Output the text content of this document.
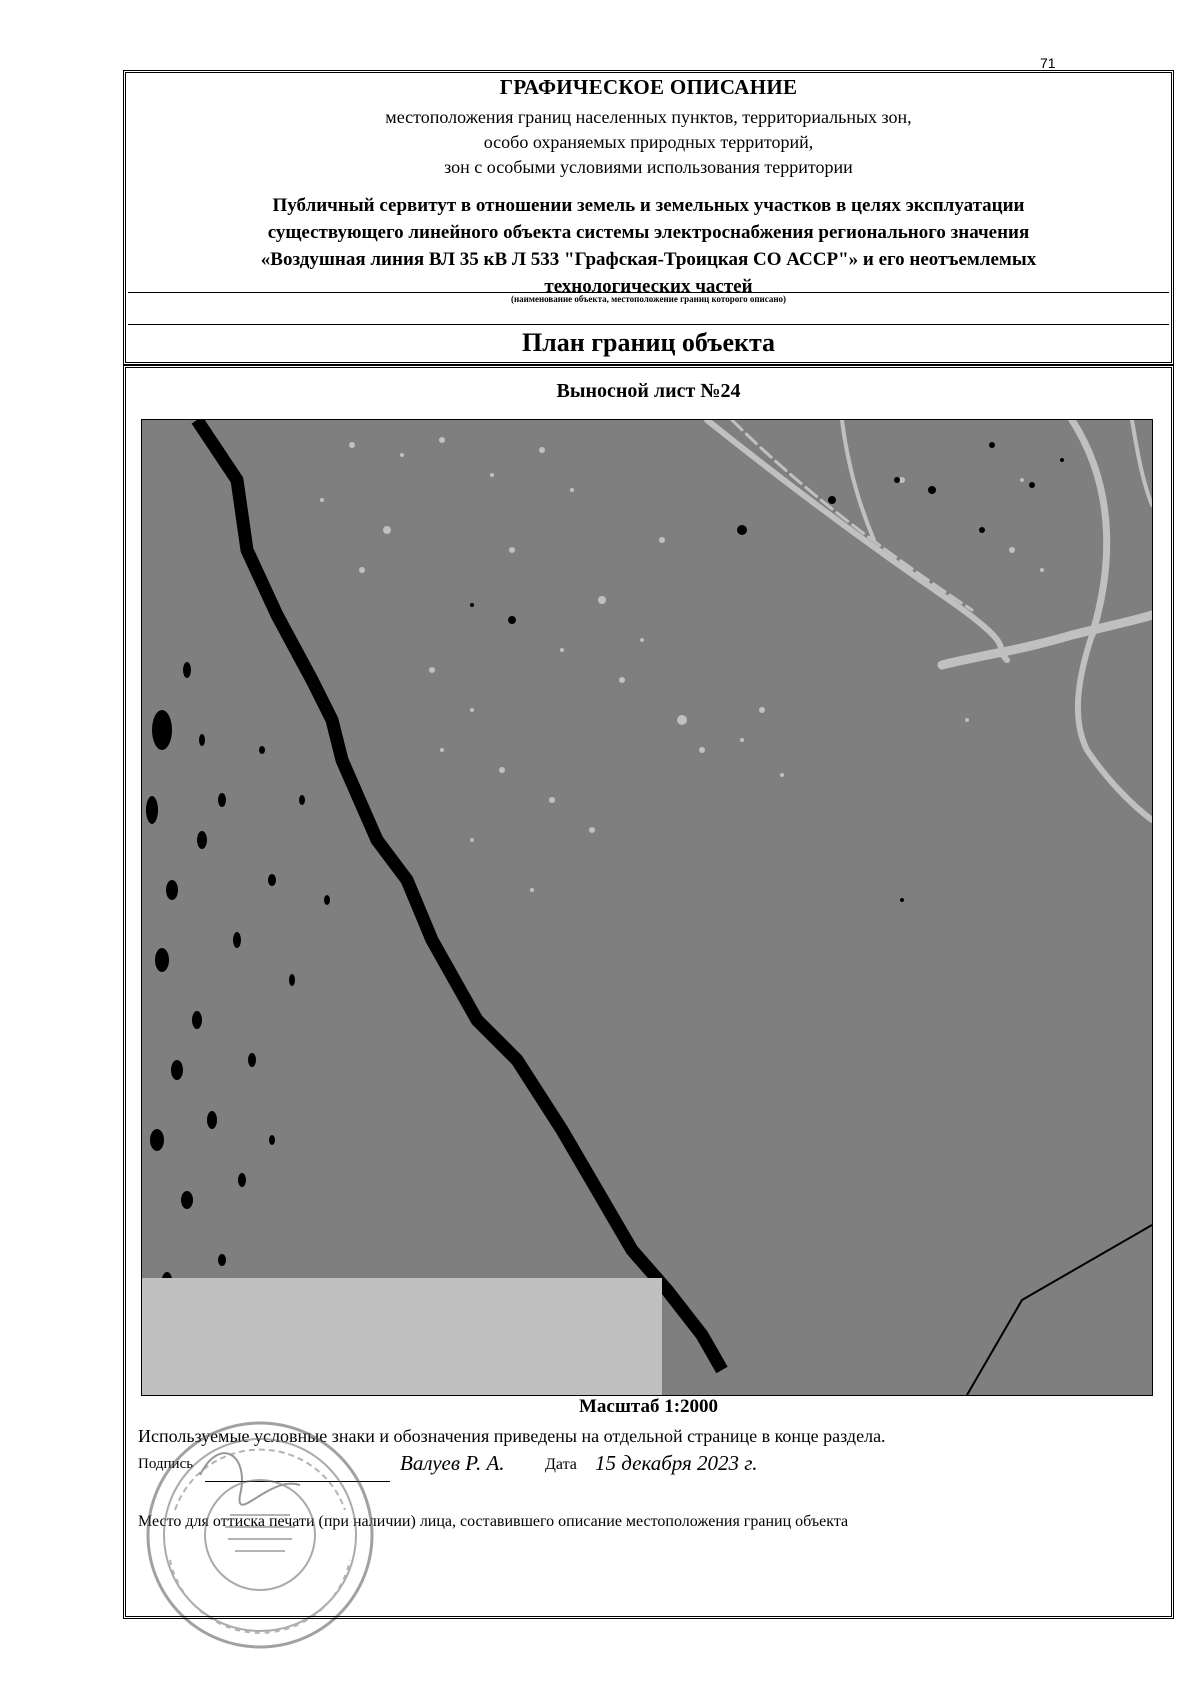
71
ГРАФИЧЕСКОЕ ОПИСАНИЕ
местоположения границ населенных пунктов, территориальных зон,
особо охраняемых природных территорий,
зон с особыми условиями использования территории
Публичный сервитут в отношении земель и земельных участков в целях эксплуатации
существующего линейного объекта системы электроснабжения регионального значения
«Воздушная линия ВЛ 35 кВ Л 533 "Графская-Троицкая СО АССР"» и его неотъемлемых
технологических частей
(наименование объекта, местоположение границ которого описано)
План границ объекта
Выносной лист №24
Масштаб 1:2000
Используемые условные знаки и обозначения приведены на отдельной странице в конце раздела.
Подпись	Валуев Р. А.	Дата 15 декабря 2023 г.
Место для оттиска печати (при наличии) лица, составившего описание местоположения границ объекта
